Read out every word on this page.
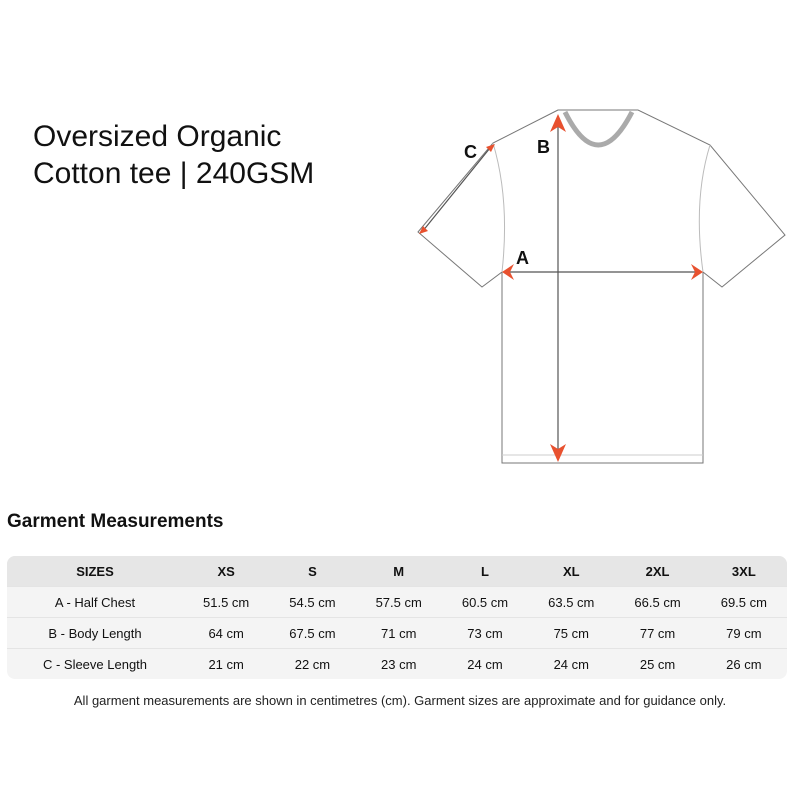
Oversized Organic
Cotton tee | 240GSM
C	B
A
Garment Measurements
SIZES	XS	S	M	L	XL	2XL	3XL
A - Half Chest	51.5 cm	54.5 cm	57.5 cm	60.5 cm	63.5 cm	66.5 cm	69.5 cm
B - Body Length	64 cm	67.5 cm	71 cm	73 cm	75 cm	77 cm	79 cm
C - Sleeve Length	21 cm	22 cm	23 cm	24 cm	24 cm	25 cm	26 cm
All garment measurements are shown in centimetres (cm). Garment sizes are approximate and for guidance only.
